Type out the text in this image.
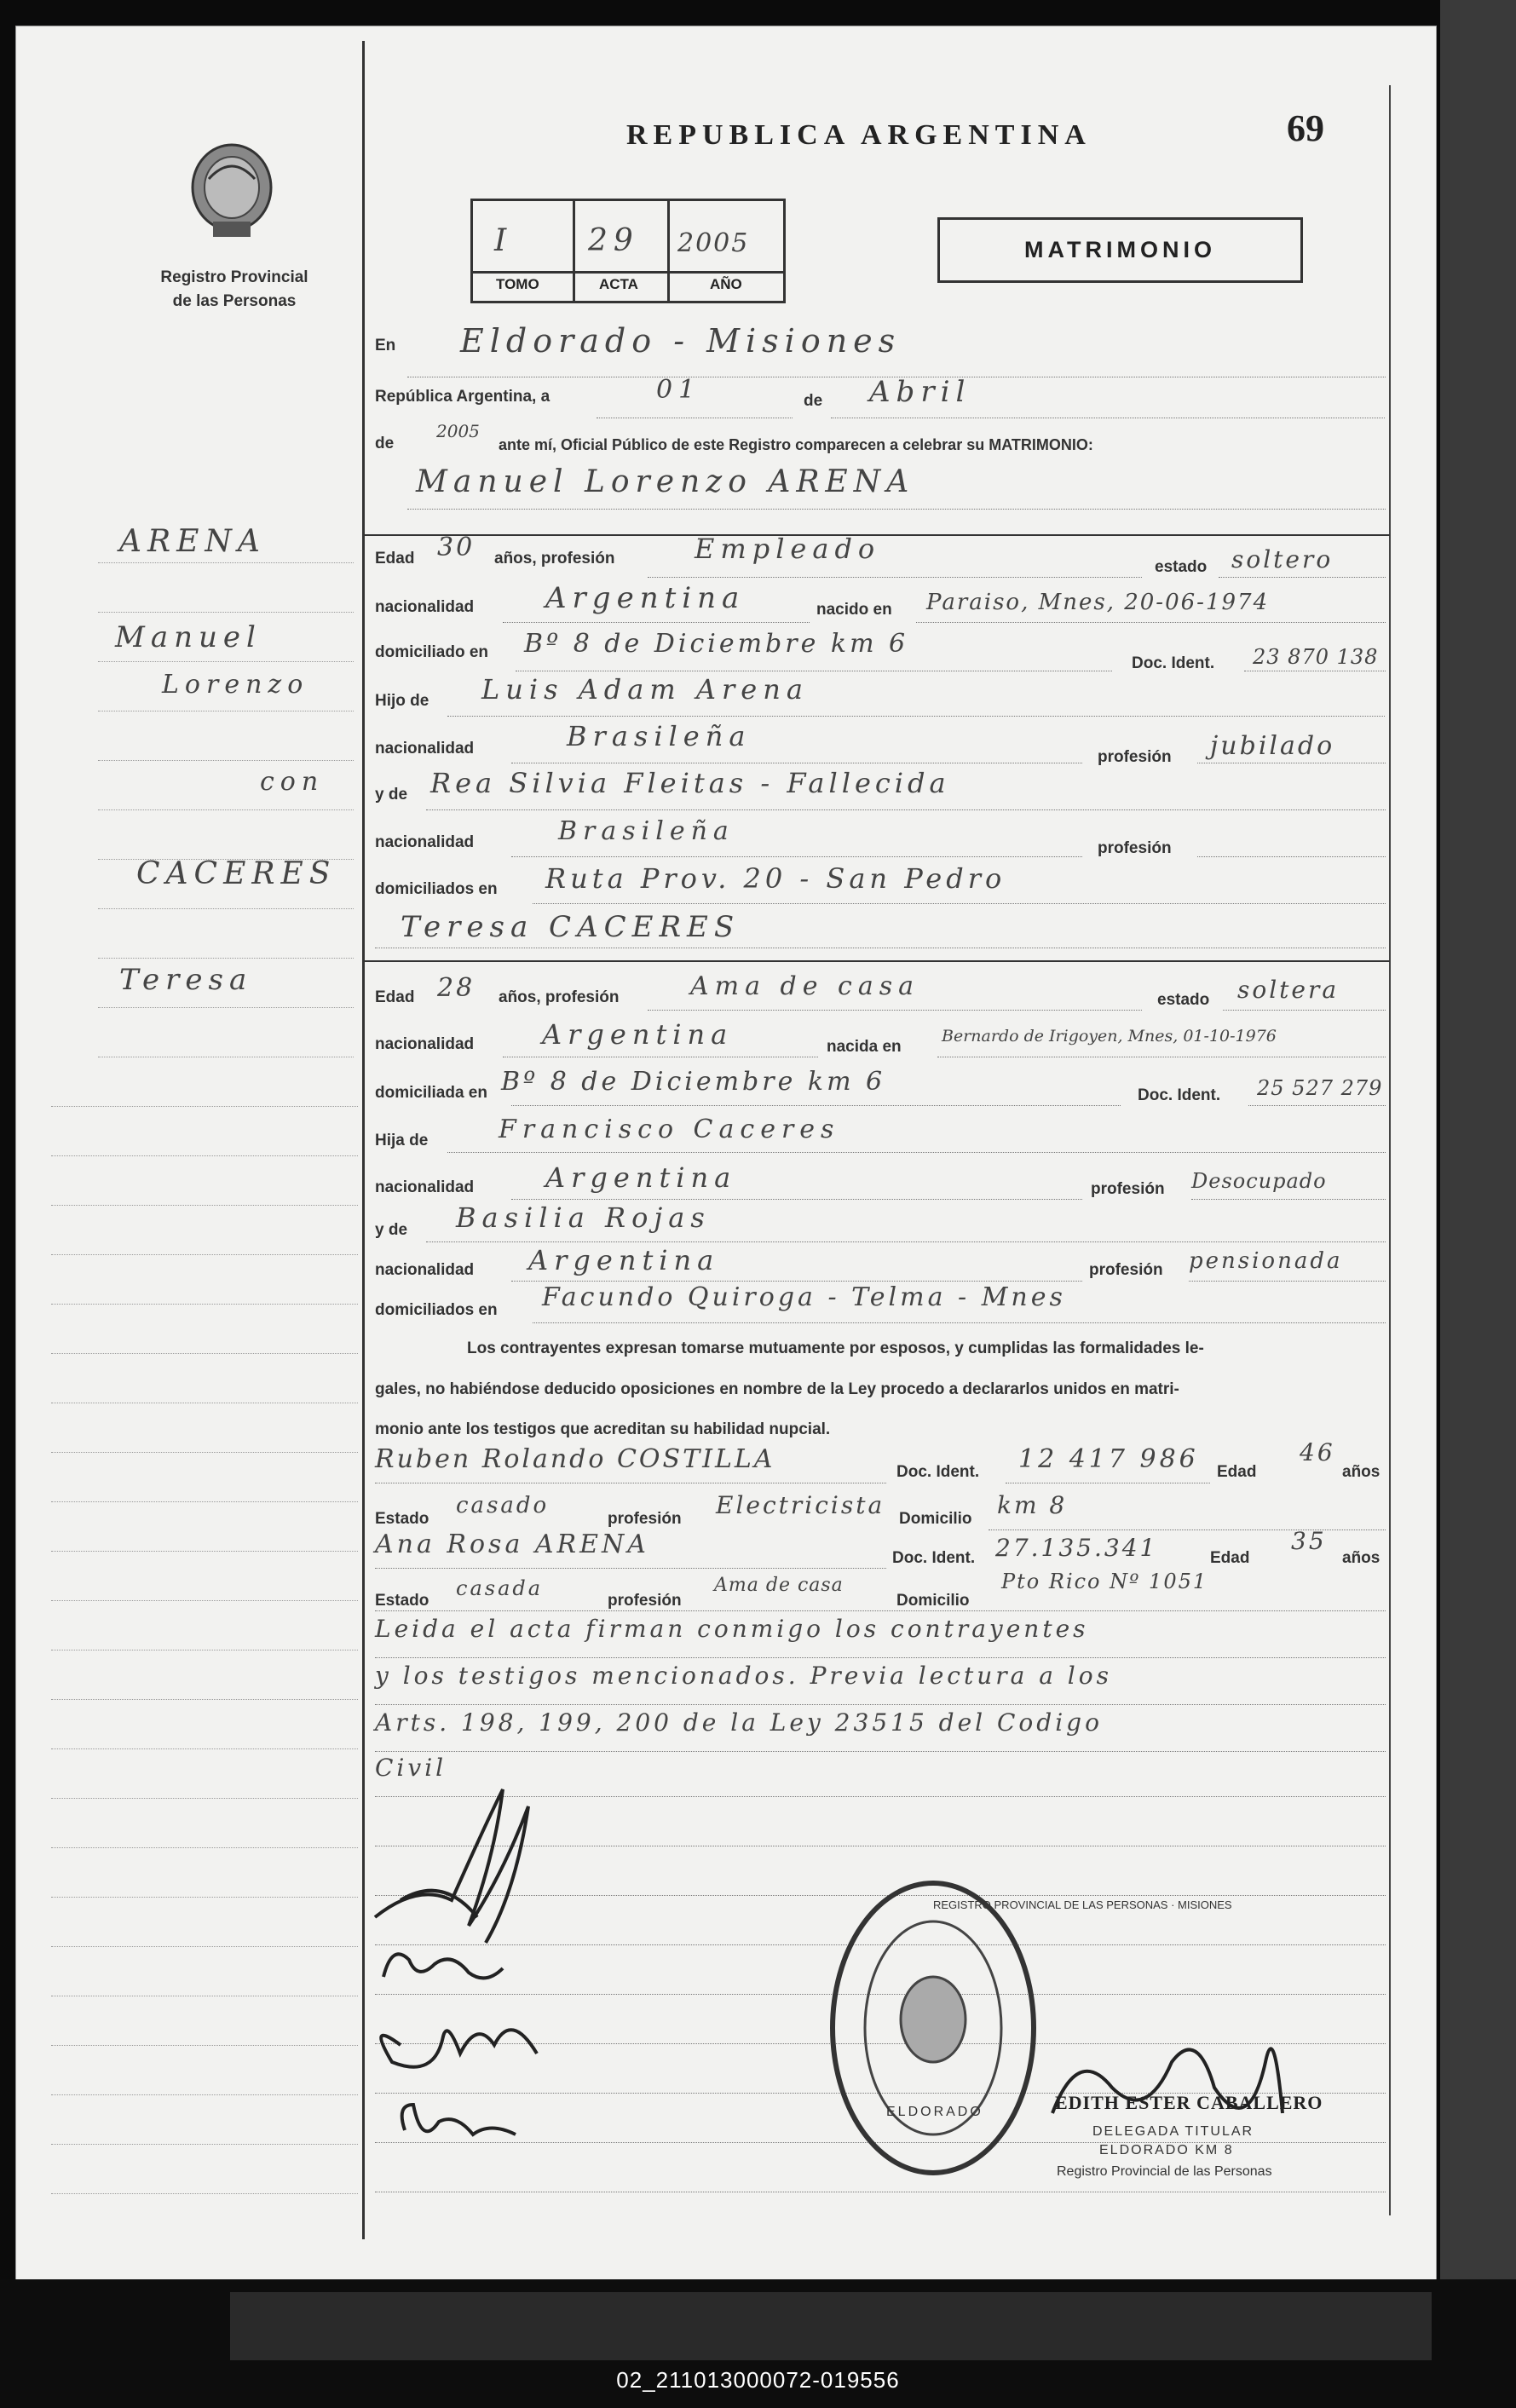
02_211013000072-019556
Registro Provincial
de las Personas
REPUBLICA ARGENTINA	69
I 29 2005
TOMO	ACTA	AÑO
MATRIMONIO
En Eldorado - Misiones
República Argentina, a	01	de Abril
de
2005
ante mí, Oficial Público de este Registro comparecen a celebrar su MATRIMONIO:
Manuel Lorenzo ARENA
ARENA
Manuel
Lorenzo
con
CACERES
Teresa
Edad 30 años, profesión	Empleado
estado soltero
nacionalidad Argentina	nacido en Paraiso, Mnes, 20-06-1974
domiciliado en Bº 8 de Diciembre km 6
Doc. Ident. 23 870 138
Hijo de Luis Adam Arena
nacionalidad	Brasileña
profesión jubilado
y de Rea Silvia Fleitas - Fallecida
nacionalidad	Brasileña
profesión
domiciliados en Ruta Prov. 20 - San Pedro
Teresa CACERES
Edad 28 años, profesión	Ama de casa	estado soltera
nacionalidad Argentina	nacida en
Bernardo de Irigoyen, Mnes, 01-10-1976
domiciliada en Bº 8 de Diciembre km 6	Doc. Ident. 25 527 279
Hija de	Francisco Caceres
nacionalidad	Argentina	profesión Desocupado
y de Basilia Rojas
nacionalidad Argentina	profesión pensionada
domiciliados en Facundo Quiroga - Telma - Mnes
Los contrayentes expresan tomarse mutuamente por esposos, y cumplidas las formalidades le-
gales, no habiéndose deducido oposiciones en nombre de la Ley procedo a declararlos unidos en matri-
monio ante los testigos que acreditan su habilidad nupcial.
Ruben Rolando COSTILLA	Doc. Ident. 12 417 986 Edad
46
años
Estado
casado
profesión Electricista Domicilio km 8
Ana Rosa ARENA	Doc. Ident. 27.135.341	Edad
35
años
Estado
casada
profesión
Ama de casa
Domicilio
Pto Rico Nº 1051
Leida el acta firman conmigo los contrayentes
y los testigos mencionados. Previa lectura a los
Arts. 198, 199, 200 de la Ley 23515 del Codigo
Civil
ELDORADO
REGISTRO PROVINCIAL DE LAS PERSONAS · MISIONES
EDITH ESTER CABALLERO
DELEGADA TITULAR
ELDORADO KM 8
Registro Provincial de las Personas
